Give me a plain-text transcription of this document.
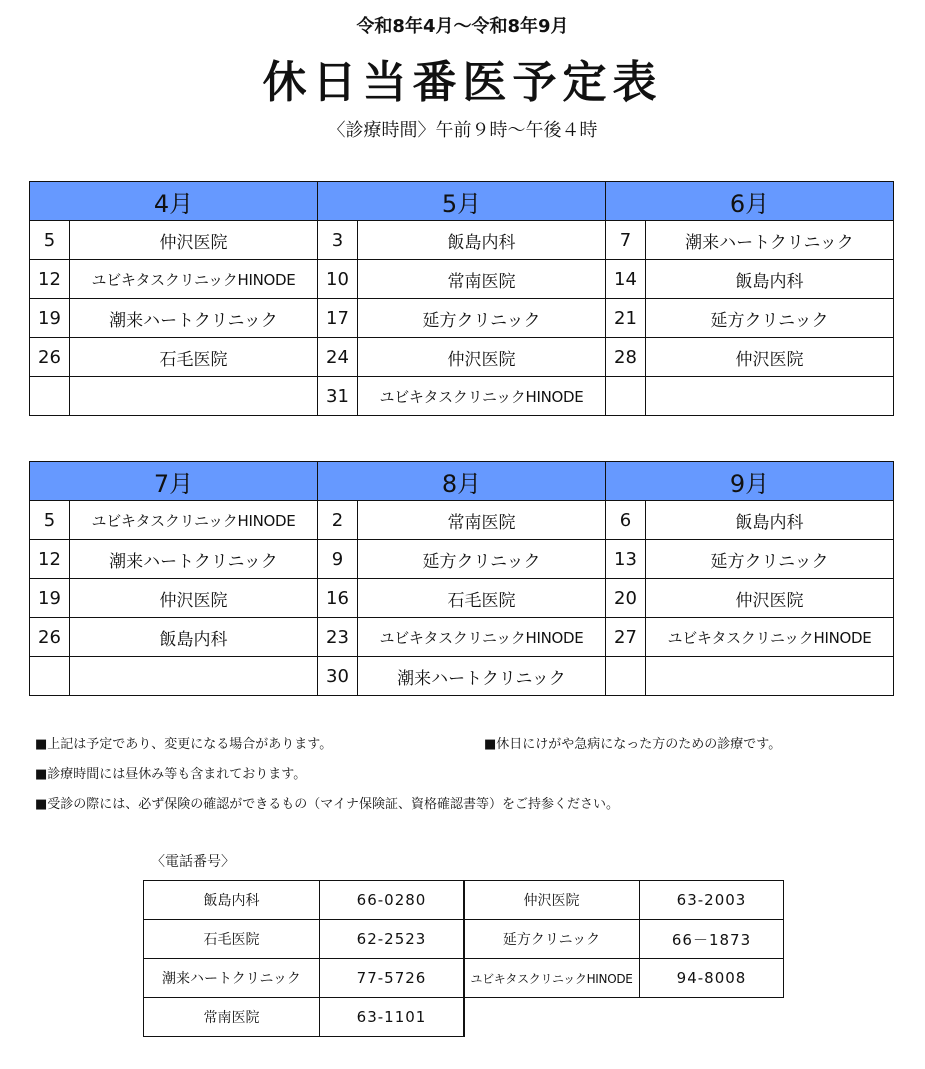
令和8年4月～令和8年9月
休日当番医予定表
〈診療時間〉午前９時～午後４時
4月		5月		6月	
5	仲沢医院	3	飯島内科	7	潮来ハートクリニック
12	ユビキタスクリニックHINODE	10	常南医院	14	飯島内科
19	潮来ハートクリニック	17	延方クリニック	21	延方クリニック
26	石毛医院	24	仲沢医院	28	仲沢医院
		31	ユビキタスクリニックHINODE		
7月		8月		9月	
5	ユビキタスクリニックHINODE	2	常南医院	6	飯島内科
12	潮来ハートクリニック	9	延方クリニック	13	延方クリニック
19	仲沢医院	16	石毛医院	20	仲沢医院
26	飯島内科	23	ユビキタスクリニックHINODE	27	ユビキタスクリニックHINODE
		30	潮来ハートクリニック		
■上記は予定であり、変更になる場合があります。	■休日にけがや急病になった方のための診療です。
■診療時間には昼休み等も含まれております。
■受診の際には、必ず保険の確認ができるもの（マイナ保険証、資格確認書等）をご持参ください。
〈電話番号〉
飯島内科	66-0280
石毛医院	62-2523
潮来ハートクリニック	77-5726
常南医院	63-1101
仲沢医院	63-2003
延方クリニック	66－1873
ユビキタスクリニックHINODE	94-8008
